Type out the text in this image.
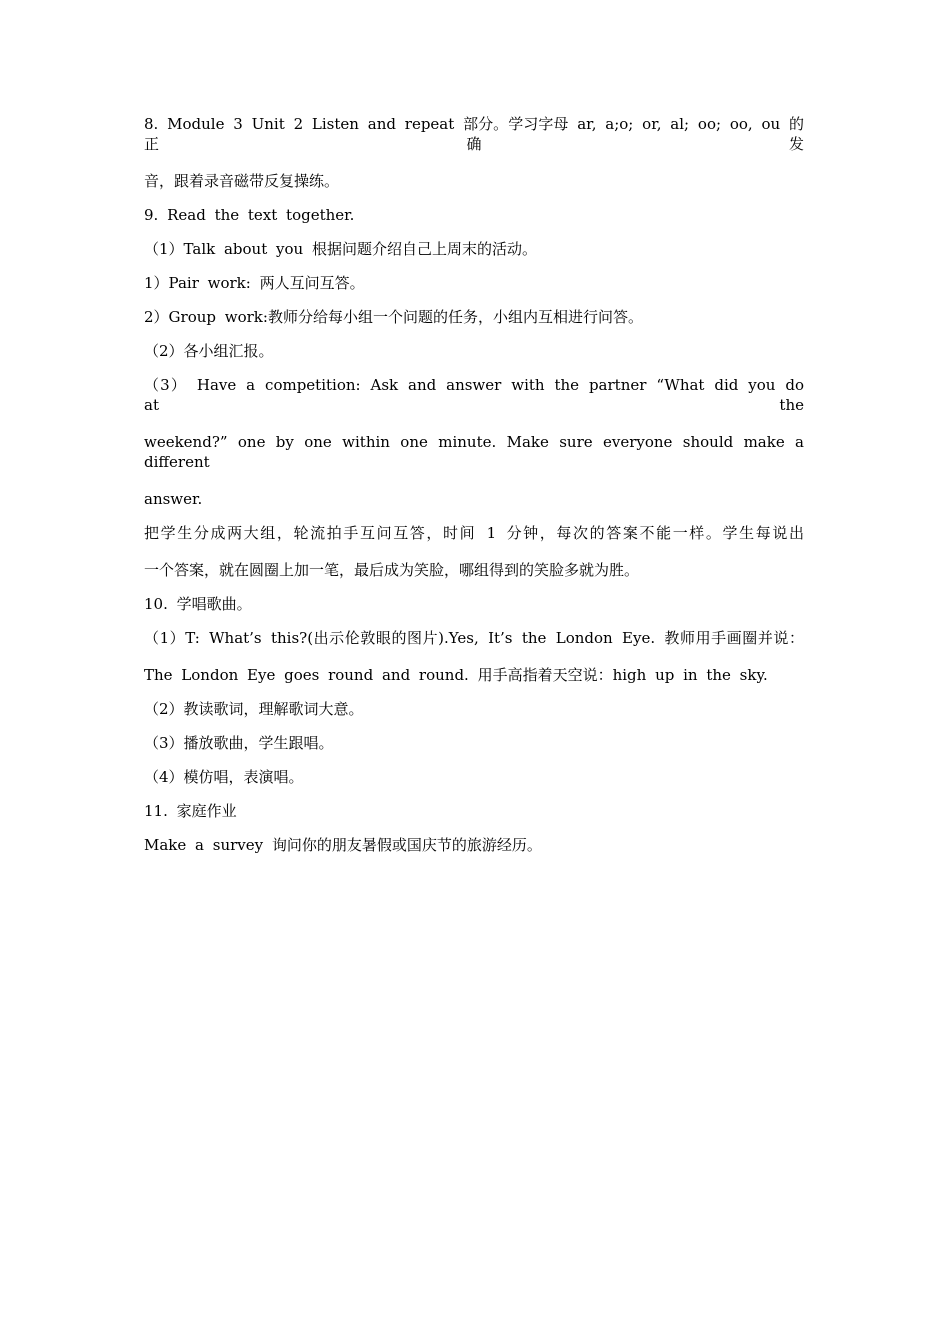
8. Module 3 Unit 2 Listen and repeat 部分。学习字母 ar, a;o; or, al; oo; oo, ou 的正确发

音，跟着录音磁带反复操练。

9. Read the text together.

（1）Talk about you 根据问题介绍自己上周末的活动。

1）Pair work: 两人互问互答。

2）Group work:教师分给每小组一个问题的任务，小组内互相进行问答。

（2）各小组汇报。

（3） Have a competition: Ask and answer with the partner “What did you do at the

weekend?” one by one within one minute. Make sure everyone should make a different

answer.

把学生分成两大组，轮流拍手互问互答，时间 1 分钟，每次的答案不能一样。学生每说出

一个答案，就在圆圈上加一笔，最后成为笑脸，哪组得到的笑脸多就为胜。

10. 学唱歌曲。

（1）T: What’s this?(出示伦敦眼的图片).Yes, It’s the London Eye. 教师用手画圈并说：

The London Eye goes round and round. 用手高指着天空说：high up in the sky.

（2）教读歌词，理解歌词大意。

（3）播放歌曲，学生跟唱。

（4）模仿唱，表演唱。

11. 家庭作业

Make a survey 询问你的朋友暑假或国庆节的旅游经历。
